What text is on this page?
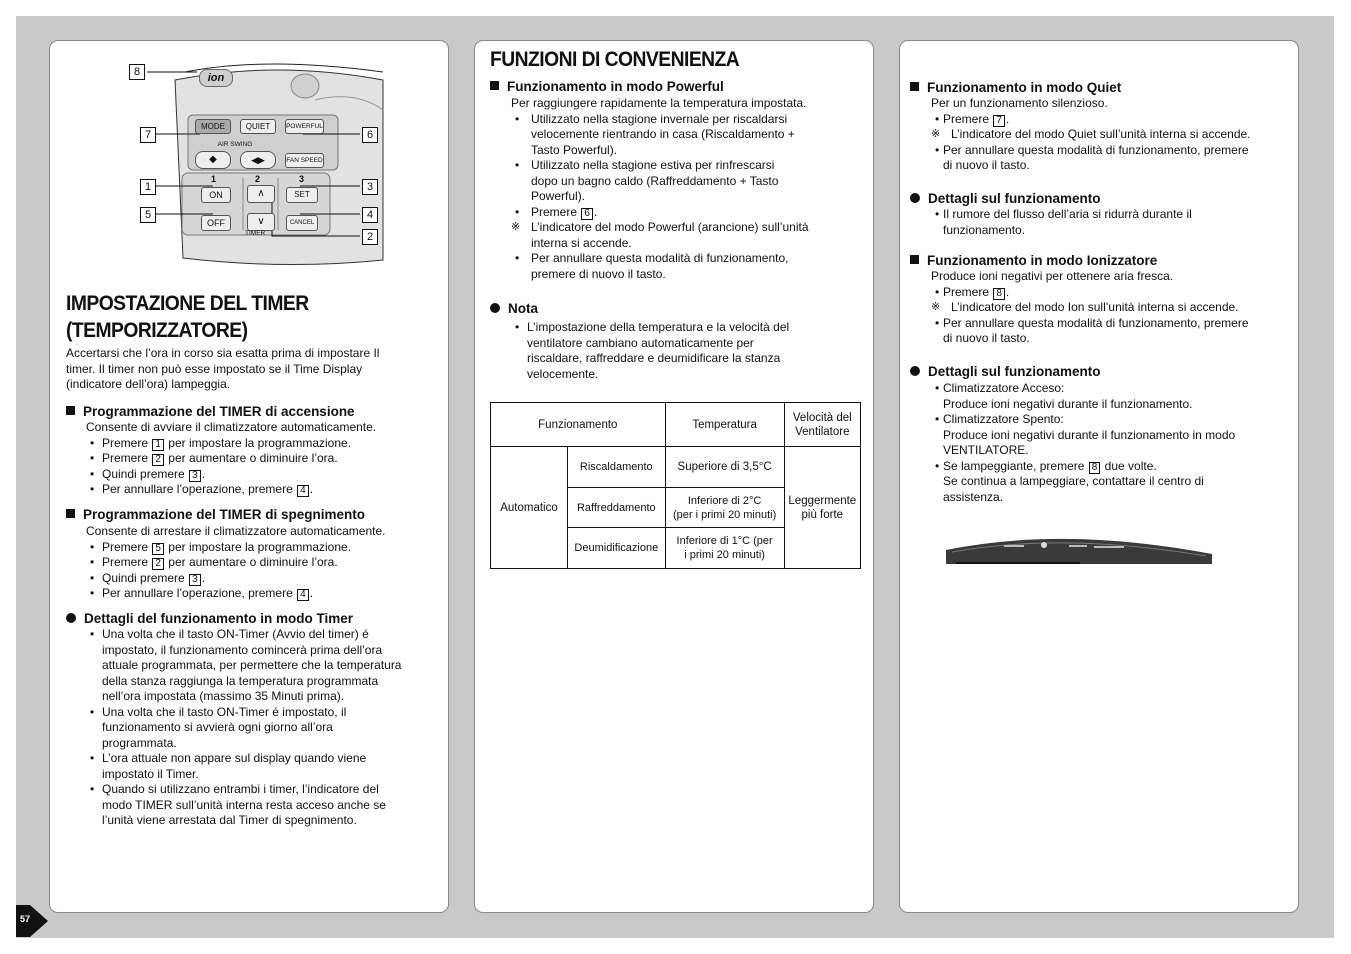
57
8
7
1
5
6
3
4
2
ion
MODE	QUIET	POWERFUL
AIR SWING
◆	◀▶	FAN SPEED
1	2	3
ON
OFF
∧
∨
SET
CANCEL
TIMER
IMPOSTAZIONE DEL TIMER
(TEMPORIZZATORE)
Accertarsi che l’ora in corso sia esatta prima di impostare Il
timer. Il timer non può esse impostato se il Time Display
(indicatore dell’ora) lampeggia.
Programmazione del TIMER di accensione
Consente di avviare il climatizzatore automaticamente.
• Premere 1 per impostare la programmazione.
• Premere 2 per aumentare o diminuire l’ora.
• Quindi premere 3 .
• Per annullare l’operazione, premere 4 .
Programmazione del TIMER di spegnimento
Consente di arrestare il climatizzatore automaticamente.
• Premere 5 per impostare la programmazione.
• Premere 2 per aumentare o diminuire l’ora.
• Quindi premere 3 .
• Per annullare l’operazione, premere 4 .
Dettagli del funzionamento in modo Timer
• Una volta che il tasto ON-Timer (Avvio del timer) é
impostato, il funzionamento comincerà prima dell’ora
attuale programmata, per permettere che la temperatura
della stanza raggiunga la temperatura programmata
nell’ora impostata (massimo 35 Minuti prima).
• Una volta che il tasto ON-Timer é impostato, il
funzionamento si avvierà ogni giorno all’ora
programmata.
• L’ora attuale non appare sul display quando viene
impostato il Timer.
• Quando si utilizzano entrambi i timer, l’indicatore del
modo TIMER sull’unità interna resta acceso anche se
l’unità viene arrestata dal Timer di spegnimento.
FUNZIONI DI CONVENIENZA
Funzionamento in modo Powerful
Per raggiungere rapidamente la temperatura impostata.
• Utilizzato nella stagione invernale per riscaldarsi
velocemente rientrando in casa (Riscaldamento +
Tasto Powerful).
• Utilizzato nella stagione estiva per rinfrescarsi
dopo un bagno caldo (Raffreddamento + Tasto
Powerful).
• Premere 6 .
※ L’indicatore del modo Powerful (arancione) sull’unità
interna si accende.
• Per annullare questa modalità di funzionamento,
premere di nuovo il tasto.
Nota
• L’impostazione della temperatura e la velocità del
ventilatore cambiano automaticamente per
riscaldare, raffreddare e deumidificare la stanza
velocemente.
Funzionamento		Temperatura	Velocità del
Ventilatore

Automatico	Riscaldamento	Superiore di 3,5°C	Leggermente
più forte

	Raffreddamento	Inferiore di 2°C
(per i primi 20 minuti)	

	Deumidificazione	Inferiore di 1°C (per
i primi 20 minuti)	
Funzionamento in modo Quiet
Per un funzionamento silenzioso.
• Premere 7 .
※ L’indicatore del modo Quiet sull’unità interna si accende.
• Per annullare questa modalità di funzionamento, premere
di nuovo il tasto.
Dettagli sul funzionamento
• Il rumore del flusso dell’aria si ridurrà durante il
funzionamento.
Funzionamento in modo Ionizzatore
Produce ioni negativi per ottenere aria fresca.
• Premere 8 .
※ L’indicatore del modo Ion sull’unità interna si accende.
• Per annullare questa modalità di funzionamento, premere
di nuovo il tasto.
Dettagli sul funzionamento
• Climatizzatore Acceso:
Produce ioni negativi durante il funzionamento.
• Climatizzatore Spento:
Produce ioni negativi durante il funzionamento in modo
VENTILATORE.
• Se lampeggiante, premere 8 due volte.
Se continua a lampeggiare, contattare il centro di
assistenza.
